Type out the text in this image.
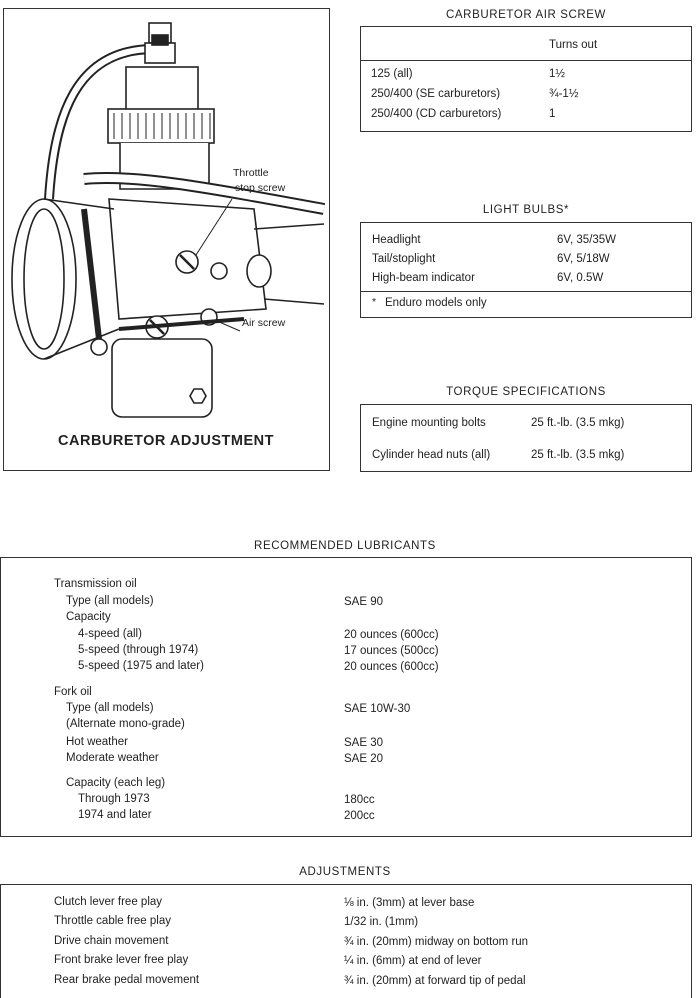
Throttle
stop screw
Air screw
CARBURETOR ADJUSTMENT
CARBURETOR AIR SCREW
Turns out
125 (all)	1½
250/400 (SE carburetors)	¾-1½
250/400 (CD carburetors)	1
LIGHT BULBS*
Headlight	6V, 35/35W
Tail/stoplight	6V, 5/18W
High-beam indicator	6V, 0.5W
* Enduro models only
TORQUE SPECIFICATIONS
Engine mounting bolts	25 ft.-lb. (3.5 mkg)
Cylinder head nuts (all)	25 ft.-lb. (3.5 mkg)
RECOMMENDED LUBRICANTS
Transmission oil
Type (all models)	SAE 90
Capacity
4-speed (all)	20 ounces (600cc)
5-speed (through 1974)	17 ounces (500cc)
5-speed (1975 and later)	20 ounces (600cc)
Fork oil
Type (all models)	SAE 10W-30
(Alternate mono-grade)
Hot weather	SAE 30
Moderate weather	SAE 20
Capacity (each leg)
Through 1973	180cc
1974 and later	200cc
ADJUSTMENTS
Clutch lever free play	⅛ in. (3mm) at lever base
Throttle cable free play	1/32 in. (1mm)
Drive chain movement	¾ in. (20mm) midway on bottom run
Front brake lever free play	¼ in. (6mm) at end of lever
Rear brake pedal movement	¾ in. (20mm) at forward tip of pedal
